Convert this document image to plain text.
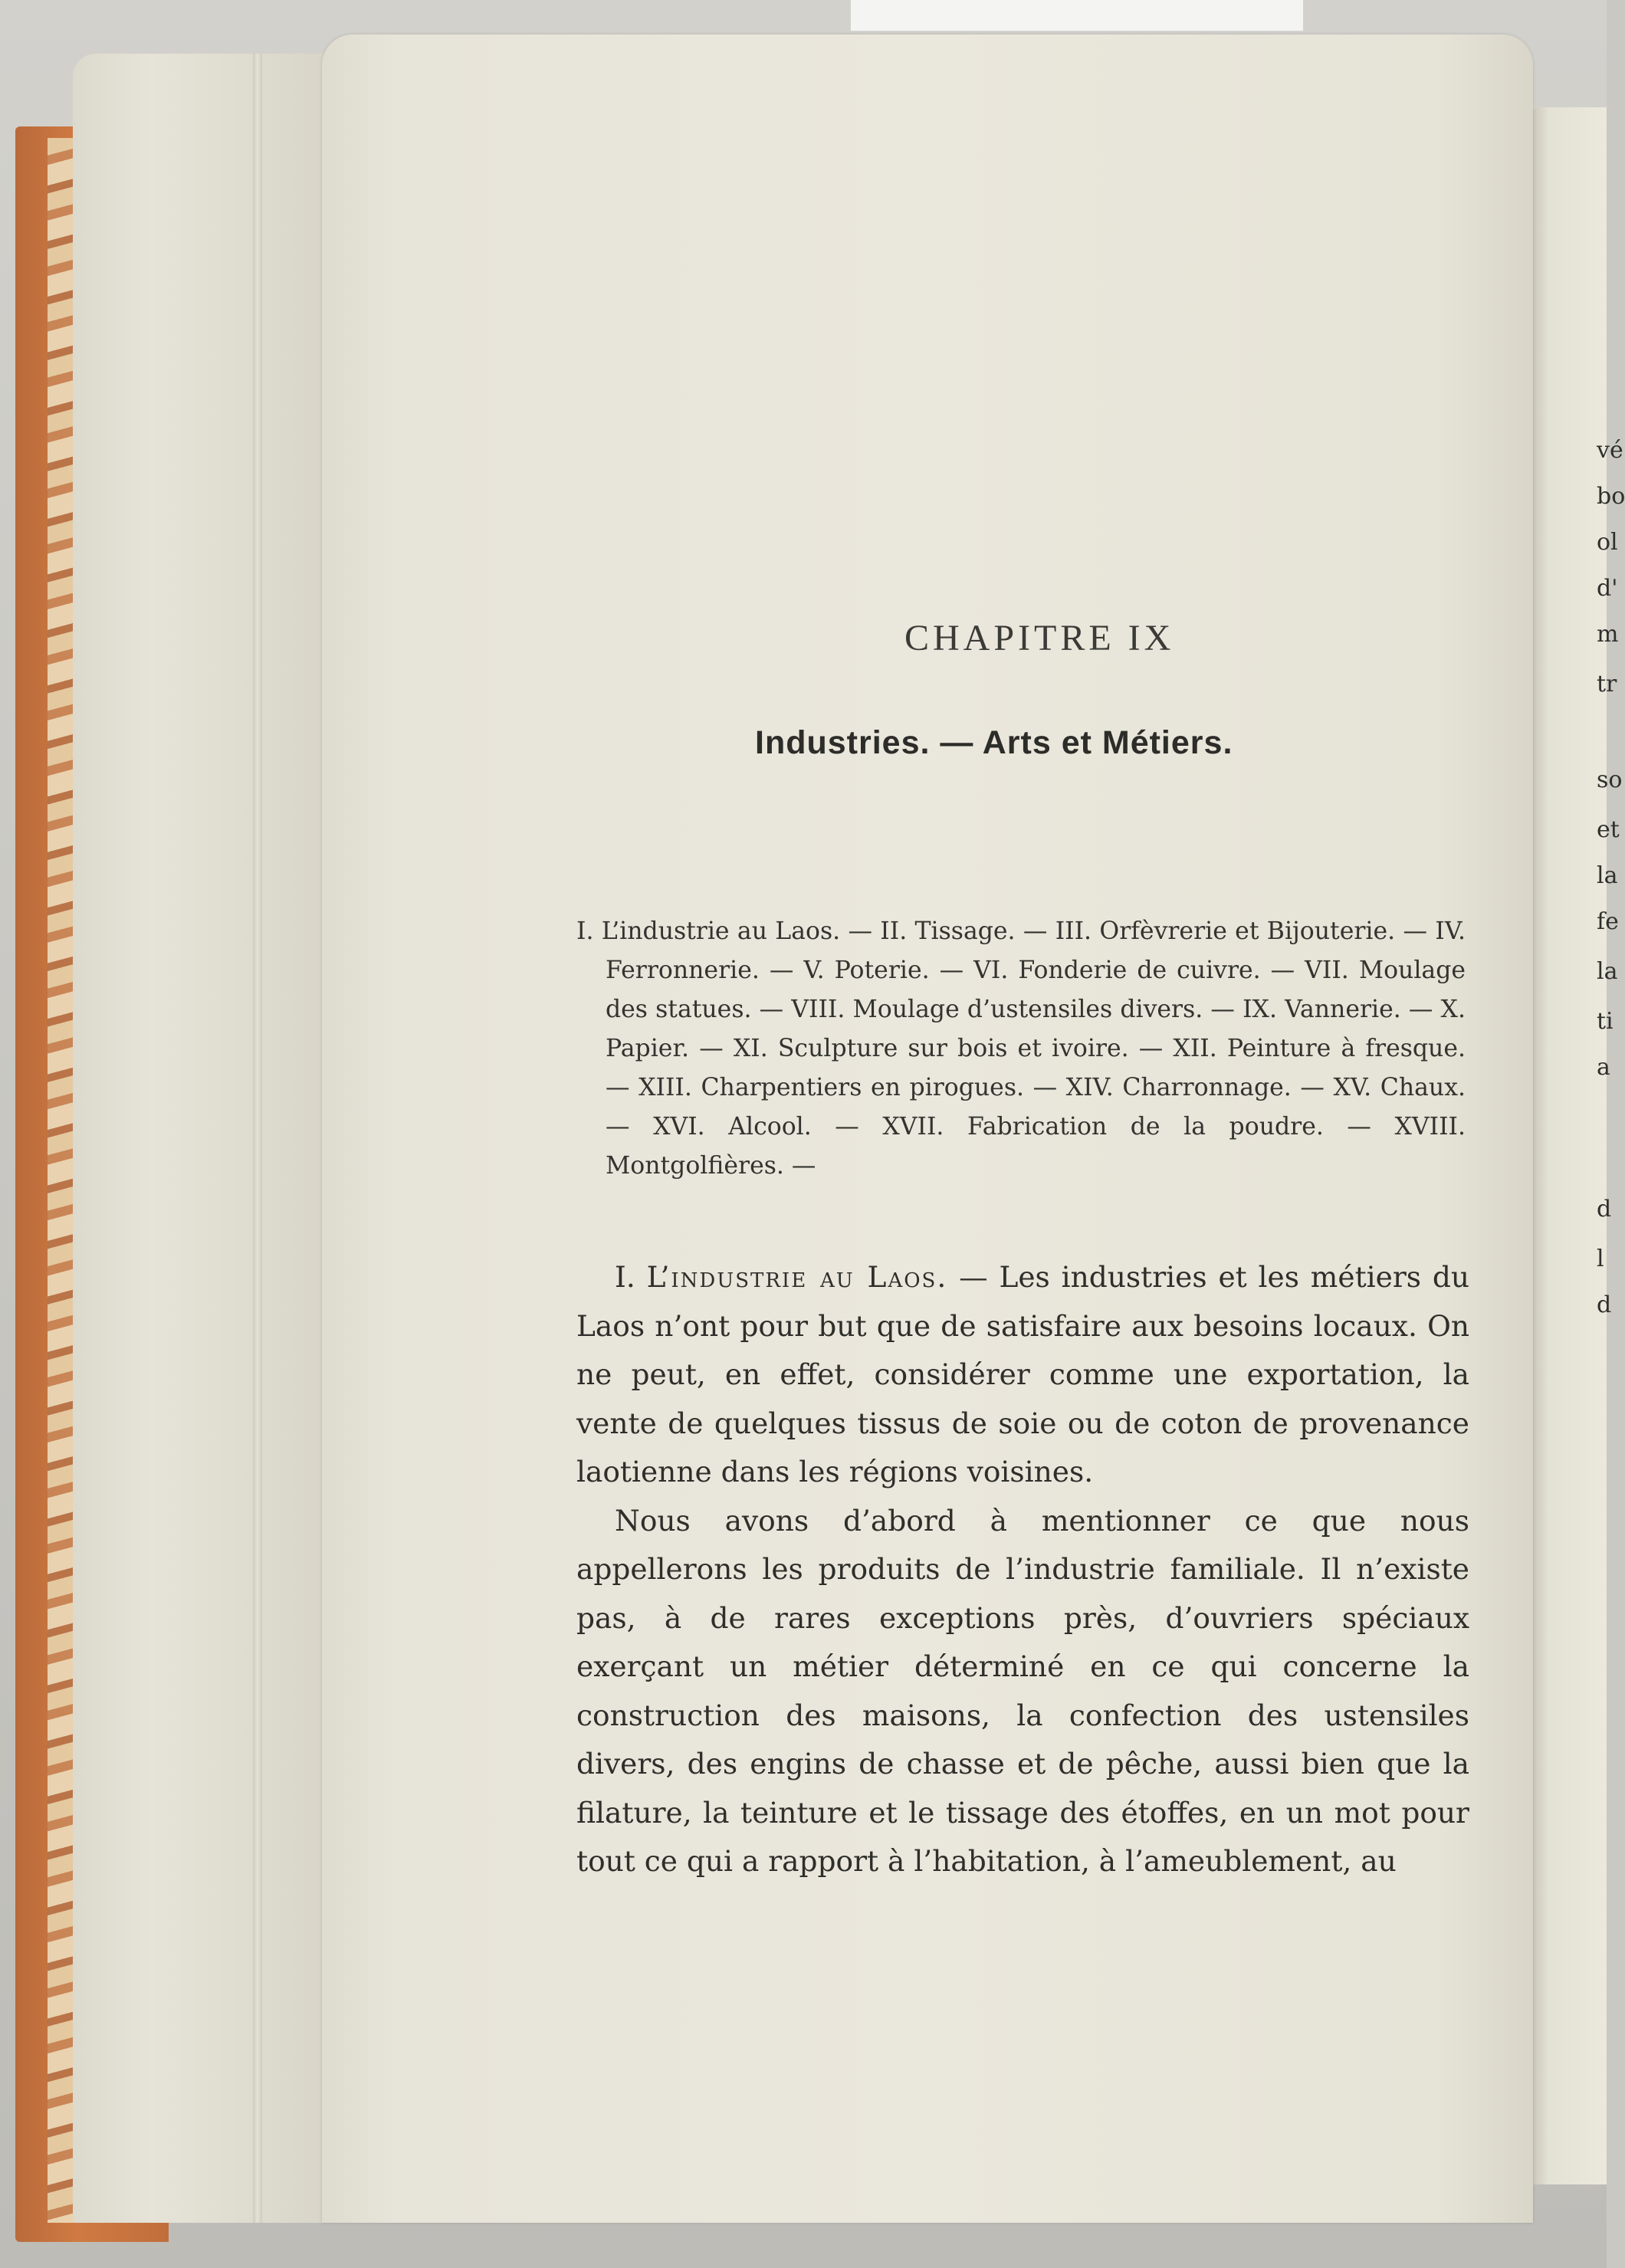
vé
bo
ol
d'
m
tr
so
et
la
fe
la
ti
a
d
l
d
CHAPITRE IX
Industries. — Arts et Métiers.

I. L’industrie au Laos. — II. Tissage. — III. Orfèvrerie et Bijouterie. — IV. Ferronnerie. — V. Poterie. — VI. Fonderie de cuivre. — VII. Moulage des statues. — VIII. Moulage d’ustensiles divers. — IX. Vannerie. — X. Papier. — XI. Sculpture sur bois et ivoire. — XII. Peinture à fresque. — XIII. Charpentiers en pirogues. — XIV. Charronnage. — XV. Chaux. — XVI. Alcool. — XVII. Fabrication de la poudre. — XVIII. Montgolfières. —

I. L’industrie au Laos. — Les industries et les métiers du Laos n’ont pour but que de satisfaire aux besoins locaux. On ne peut, en effet, considérer comme une exportation, la vente de quelques tissus de soie ou de coton de provenance laotienne dans les régions voisines.

Nous avons d’abord à mentionner ce que nous appellerons les produits de l’industrie familiale. Il n’existe pas, à de rares exceptions près, d’ouvriers spéciaux exerçant un métier déterminé en ce qui concerne la construction des maisons, la confection des ustensiles divers, des engins de chasse et de pêche, aussi bien que la filature, la teinture et le tissage des étoffes, en un mot pour tout ce qui a rapport à l’habitation, à l’ameublement, au
